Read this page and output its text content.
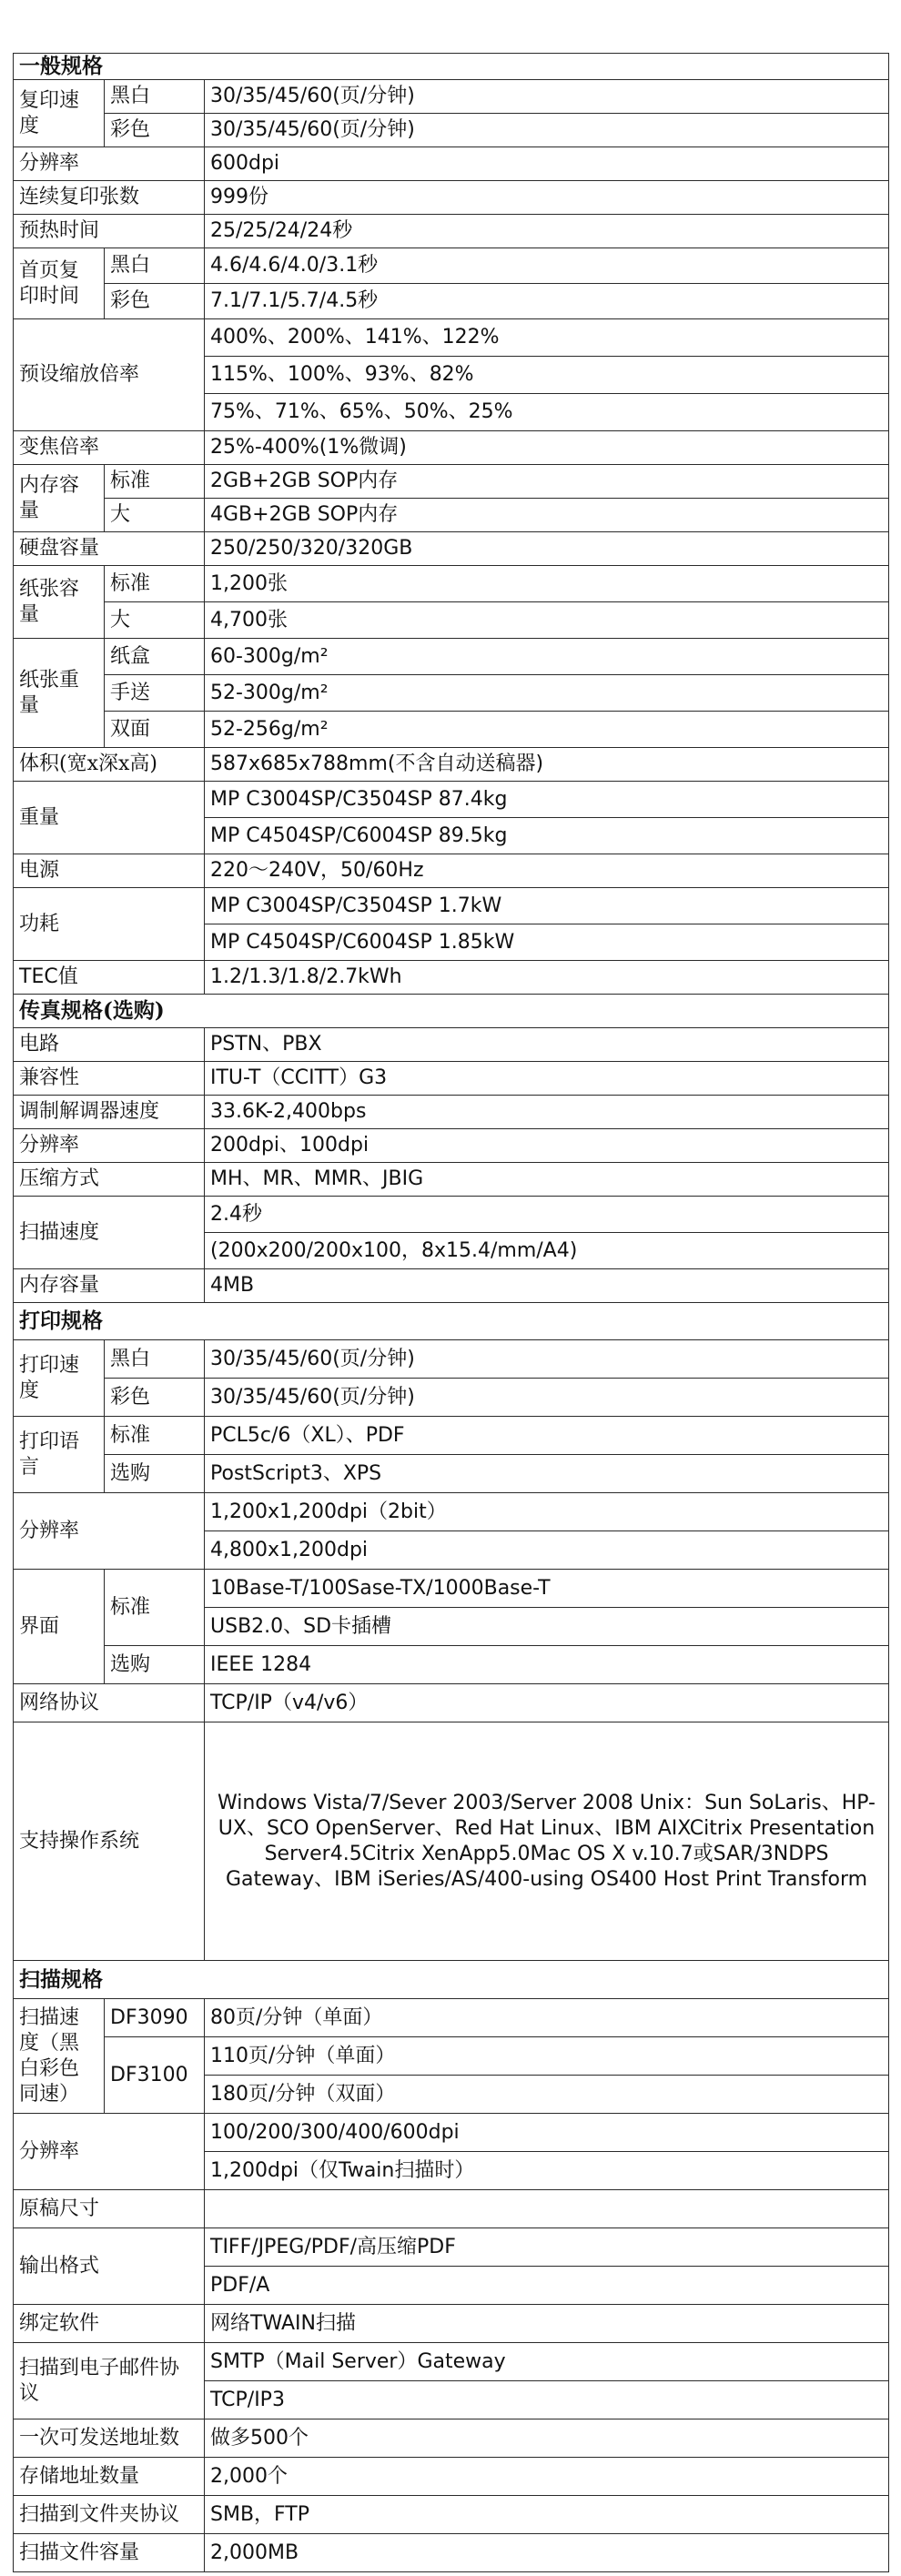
一般规格		
复印速度	黑白	30/35/45/60(页/分钟)
	彩色	30/35/45/60(页/分钟)
分辨率		600dpi
连续复印张数		999份
预热时间		25/25/24/24秒
首页复印时间	黑白	4.6/4.6/4.0/3.1秒
	彩色	7.1/7.1/5.7/4.5秒
预设缩放倍率		400%、200%、141%、122%
		115%、100%、93%、82%
		75%、71%、65%、50%、25%
变焦倍率		25%-400%(1%微调)
内存容量	标准	2GB+2GB SOP内存
	大	4GB+2GB SOP内存
硬盘容量		250/250/320/320GB
纸张容量	标准	1,200张
	大	4,700张
纸张重量	纸盒	60-300g/m²
	手送	52-300g/m²
	双面	52-256g/m²
体积(宽x深x高)		587x685x788mm(不含自动送稿器)
重量		MP C3004SP/C3504SP 87.4kg
		MP C4504SP/C6004SP 89.5kg
电源		220～240V，50/60Hz
功耗		MP C3004SP/C3504SP 1.7kW
		MP C4504SP/C6004SP 1.85kW
TEC值		1.2/1.3/1.8/2.7kWh
传真规格(选购)		
电路		PSTN、PBX
兼容性		ITU-T（CCITT）G3
调制解调器速度		33.6K-2,400bps
分辨率		200dpi、100dpi
压缩方式		MH、MR、MMR、JBIG
扫描速度		2.4秒
		(200x200/200x100，8x15.4/mm/A4)
内存容量		4MB
打印规格		
打印速度	黑白	30/35/45/60(页/分钟)
	彩色	30/35/45/60(页/分钟)
打印语言	标准	PCL5c/6（XL）、PDF
	选购	PostScript3、XPS
分辨率		1,200x1,200dpi（2bit）
		4,800x1,200dpi
界面	标准	10Base-T/100Sase-TX/1000Base-T
		USB2.0、SD卡插槽
	选购	IEEE 1284
网络协议		TCP/IP（v4/v6）
支持操作系统		Windows Vista/7/Sever 2003/Server 2008 Unix：Sun SoLaris、HP-UX、SCO OpenServer、Red Hat Linux、IBM AIXCitrix Presentation Server4.5Citrix XenApp5.0Mac OS X v.10.7或SAR/3NDPS Gateway、IBM iSeries/AS/400-using OS400 Host Print Transform
扫描规格		
扫描速度（黑白彩色同速）	DF3090	80页/分钟（单面）
	DF3100	110页/分钟（单面）
		180页/分钟（双面）
分辨率		100/200/300/400/600dpi
		1,200dpi（仅Twain扫描时）
原稿尺寸		
输出格式		TIFF/JPEG/PDF/高压缩PDF
		PDF/A
绑定软件		网络TWAIN扫描
扫描到电子邮件协议		SMTP（Mail Server）Gateway
		TCP/IP3
一次可发送地址数		做多500个
存储地址数量		2,000个
扫描到文件夹协议		SMB，FTP
扫描文件容量		2,000MB
